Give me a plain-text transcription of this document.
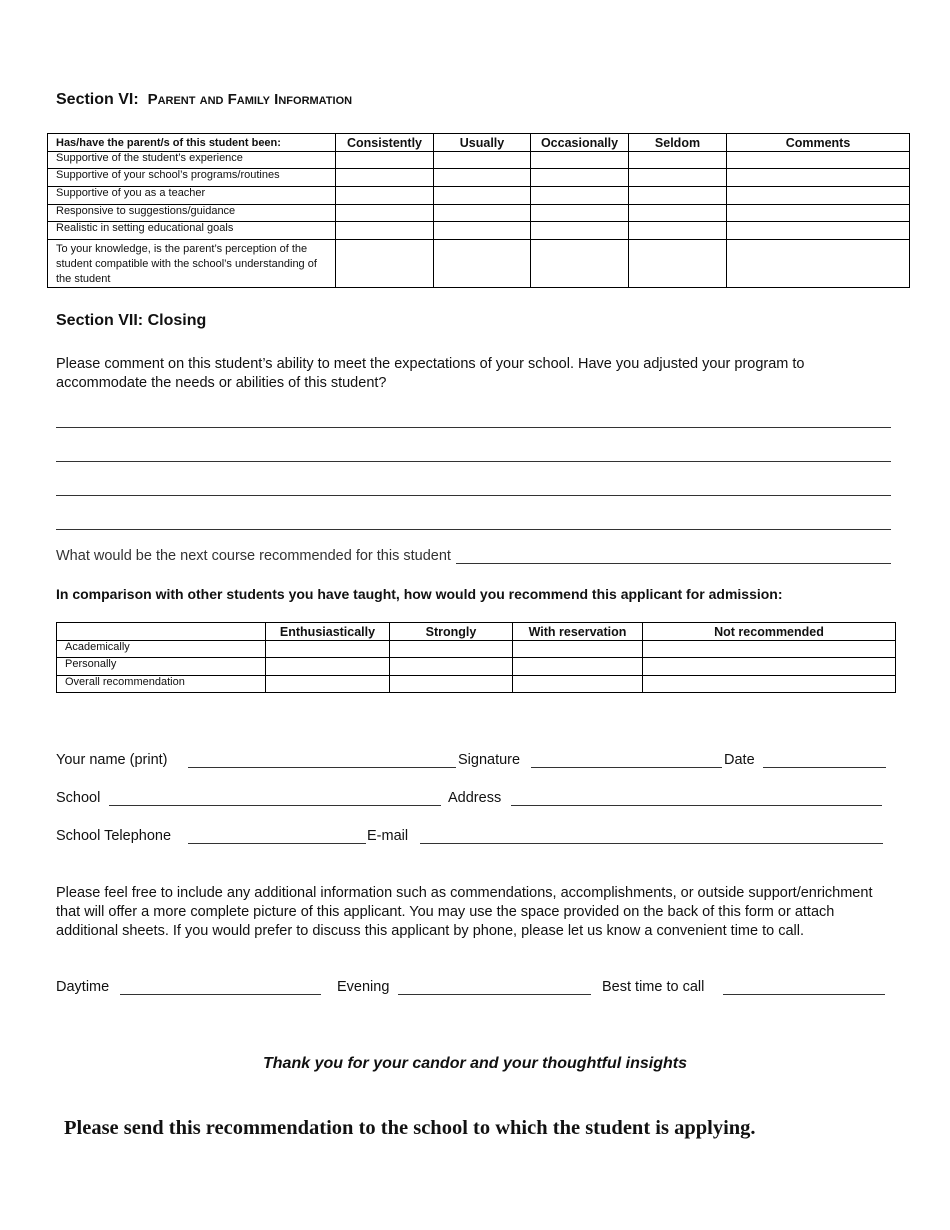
Section VI: Parent and Family Information
Has/have the parent/s of this student been:	Consistently	Usually	Occasionally	Seldom	Comments
Supportive of the student’s experience					
Supportive of your school’s programs/routines					
Supportive of you as a teacher					
Responsive to suggestions/guidance					
Realistic in setting educational goals					
To your knowledge, is the parent’s perception of the student compatible with the school’s understanding of the student					
Section VII: Closing
Please comment on this student’s ability to meet the expectations of your school. Have you adjusted your program to accommodate the needs or abilities of this student?
What would be the next course recommended for this student
In comparison with other students you have taught, how would you recommend this applicant for admission:
	Enthusiastically	Strongly	With reservation	Not recommended
Academically				
Personally				
Overall recommendation				
Your name (print)	Signature	Date
School	Address
School Telephone	E-mail
Please feel free to include any additional information such as commendations, accomplishments, or outside support/enrichment that will offer a more complete picture of this applicant. You may use the space provided on the back of this form or attach additional sheets. If you would prefer to discuss this applicant by phone, please let us know a convenient time to call.
Daytime	Evening	Best time to call
Thank you for your candor and your thoughtful insights
Please send this recommendation to the school to which the student is applying.
